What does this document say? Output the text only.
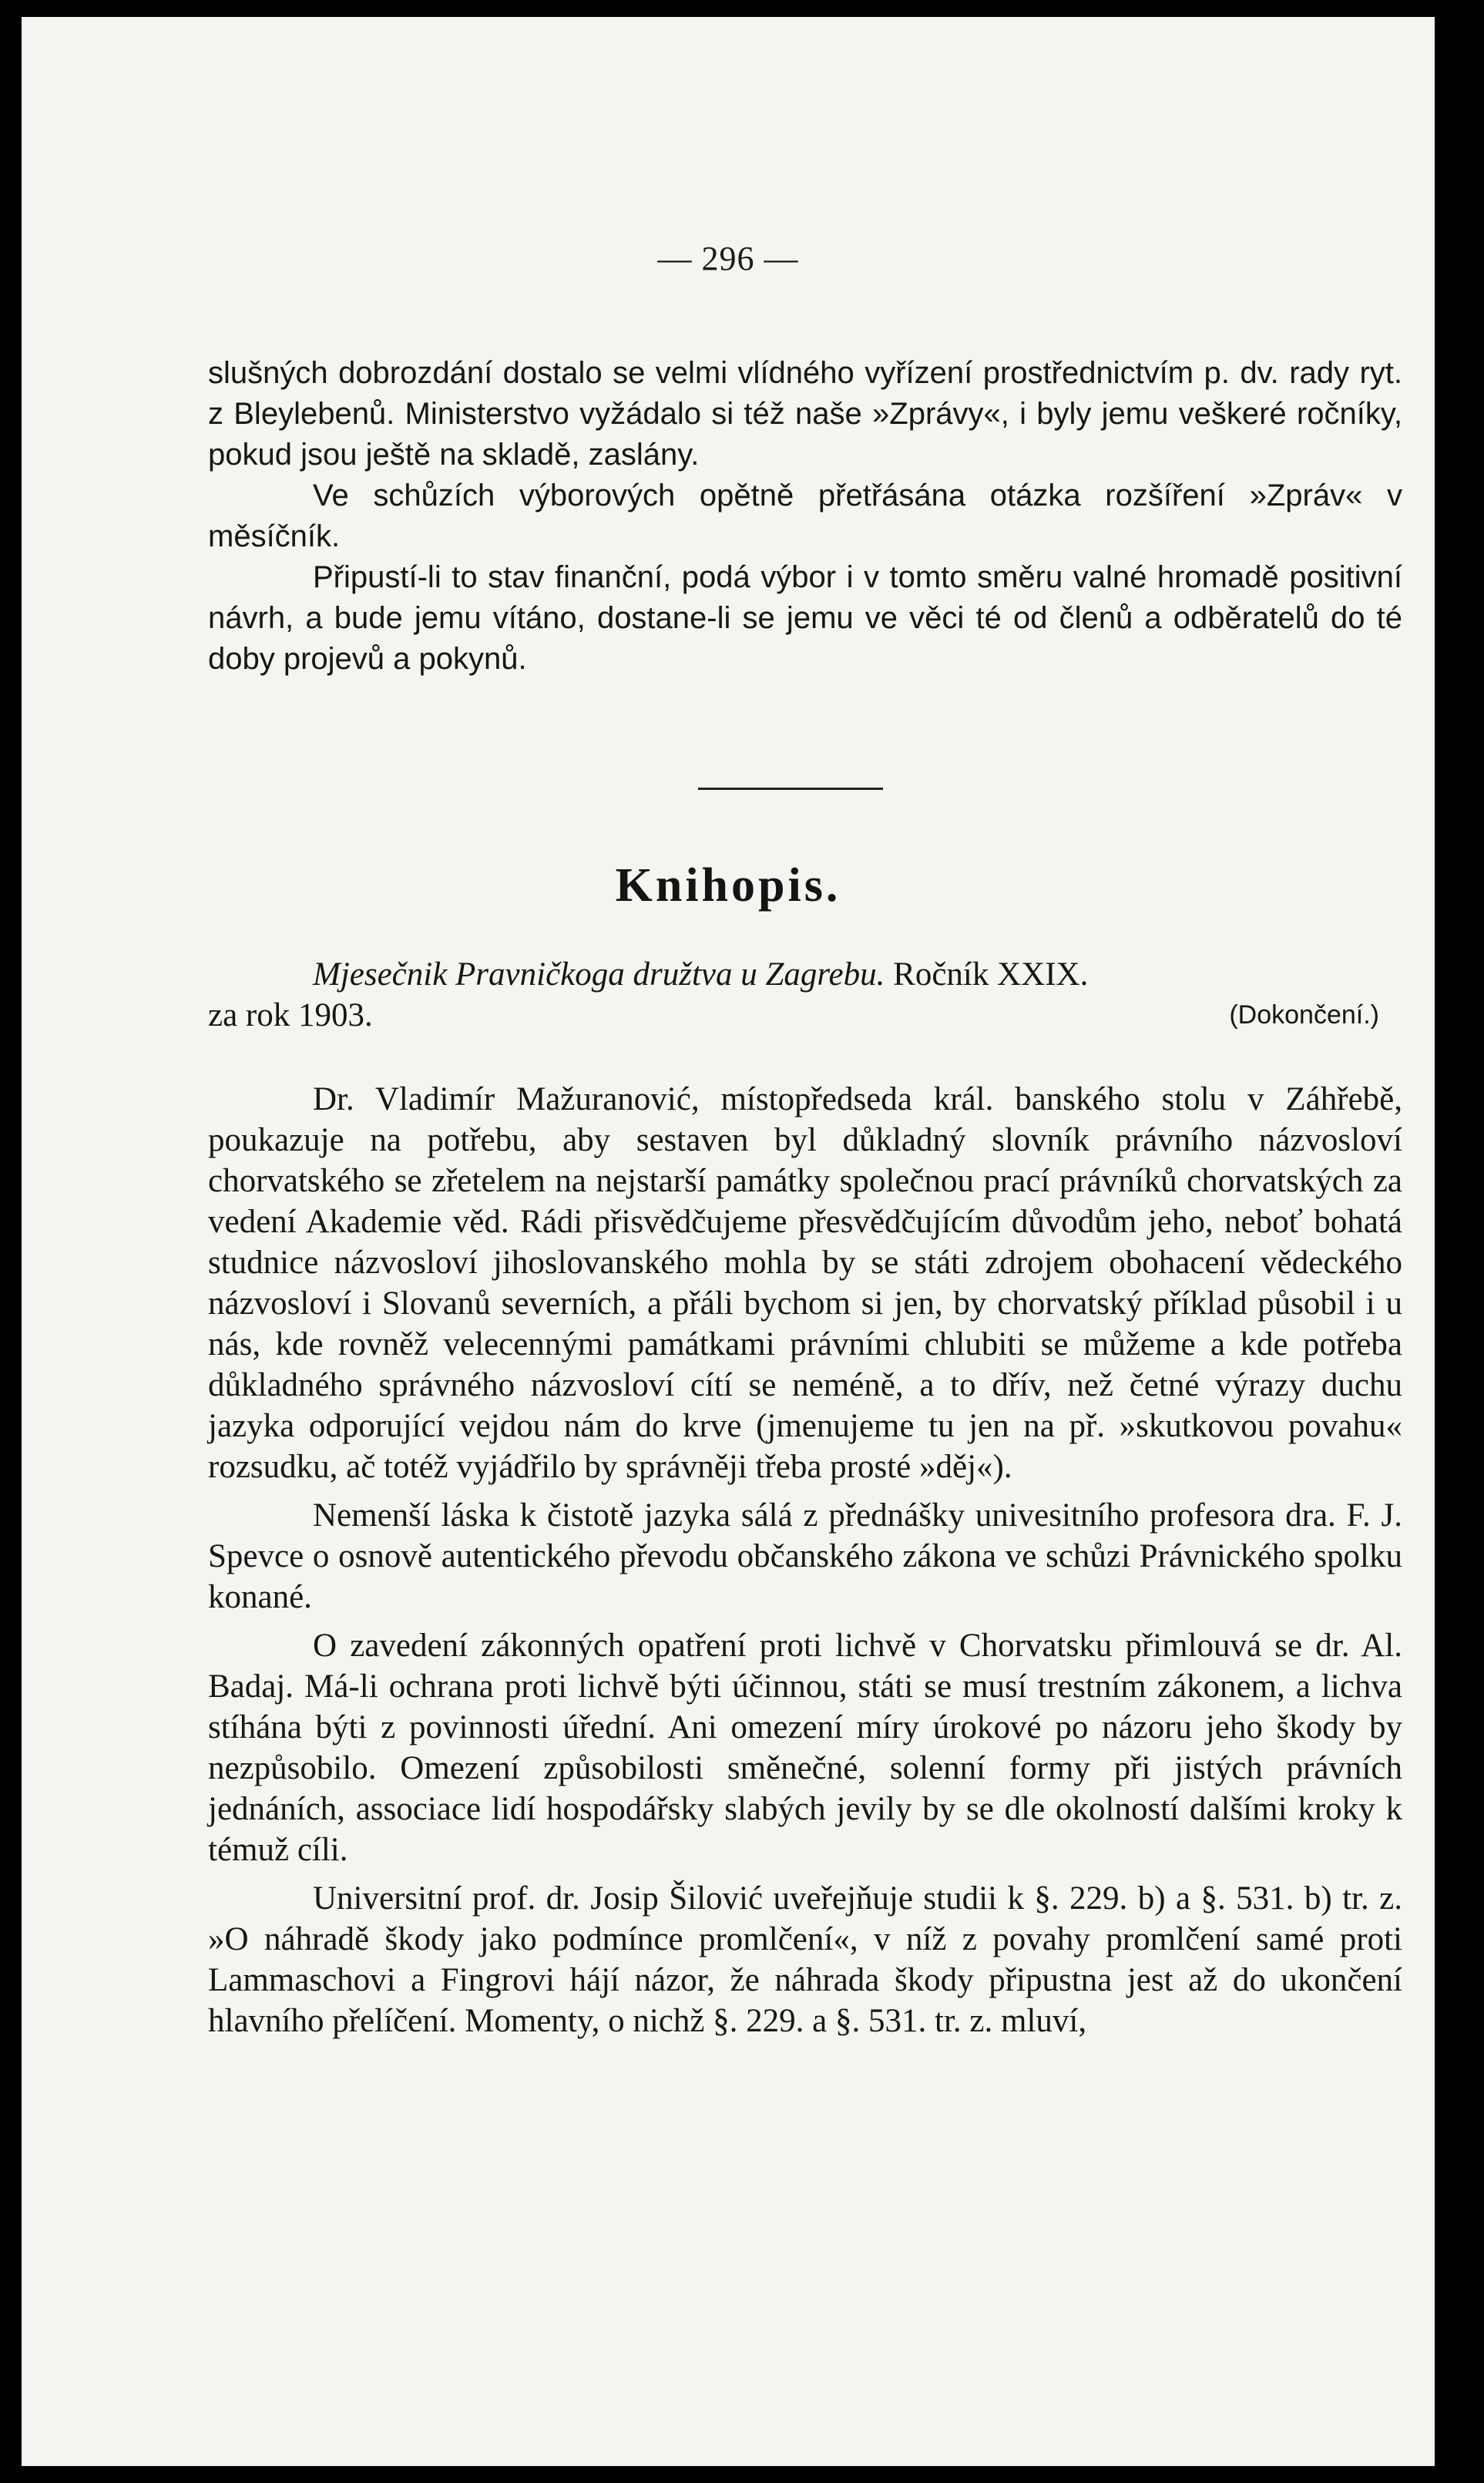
— 296 —

slušných dobrozdání dostalo se velmi vlídného vyřízení prostřednictvím p. dv. rady ryt. z Bleylebenů. Ministerstvo vyžádalo si též naše »Zprávy«, i byly jemu veškeré ročníky, pokud jsou ještě na skladě, zaslány.

Ve schůzích výborových opětně přetřásána otázka rozšíření »Zpráv« v měsíčník.

Připustí-li to stav finanční, podá výbor i v tomto směru valné hromadě positivní návrh, a bude jemu vítáno, dostane-li se jemu ve věci té od členů a odběratelů do té doby projevů a pokynů.

Knihopis.
Mjesečnik Pravničkoga družtva u Zagrebu. Ročník XXIX.
za rok 1903.	(Dokončení.)

Dr. Vladimír Mažuranović, místopředseda král. banského stolu v Záhřebě, poukazuje na potřebu, aby sestaven byl důkladný slovník právního názvosloví chorvatského se zřetelem na nejstarší památky společnou prací právníků chorvatských za vedení Akademie věd. Rádi přisvědčujeme přesvědčujícím důvodům jeho, neboť bohatá studnice názvosloví jihoslovanského mohla by se státi zdrojem obohacení vědeckého názvosloví i Slovanů severních, a přáli bychom si jen, by chorvatský příklad působil i u nás, kde rovněž velecennými památkami právními chlubiti se můžeme a kde potřeba důkladného správného názvosloví cítí se neméně, a to dřív, než četné výrazy duchu jazyka odporující vejdou nám do krve (jmenujeme tu jen na př. »skutkovou povahu« rozsudku, ač totéž vyjádřilo by správněji třeba prosté »děj«).

Nemenší láska k čistotě jazyka sálá z přednášky univesitního profesora dra. F. J. Spevce o osnově autentického převodu občanského zákona ve schůzi Právnického spolku konané.

O zavedení zákonných opatření proti lichvě v Chorvatsku přimlouvá se dr. Al. Badaj. Má-li ochrana proti lichvě býti účinnou, státi se musí trestním zákonem, a lichva stíhána býti z povinnosti úřední. Ani omezení míry úrokové po názoru jeho škody by nezpůsobilo. Omezení způsobilosti směnečné, solenní formy při jistých právních jednáních, associace lidí hospodářsky slabých jevily by se dle okolností dalšími kroky k témuž cíli.

Universitní prof. dr. Josip Šilović uveřejňuje studii k §. 229. b) a §. 531. b) tr. z. »O náhradě škody jako podmínce promlčení«, v níž z povahy promlčení samé proti Lammaschovi a Fingrovi hájí názor, že náhrada škody připustna jest až do ukončení hlavního přelíčení. Momenty, o nichž §. 229. a §. 531. tr. z. mluví,
